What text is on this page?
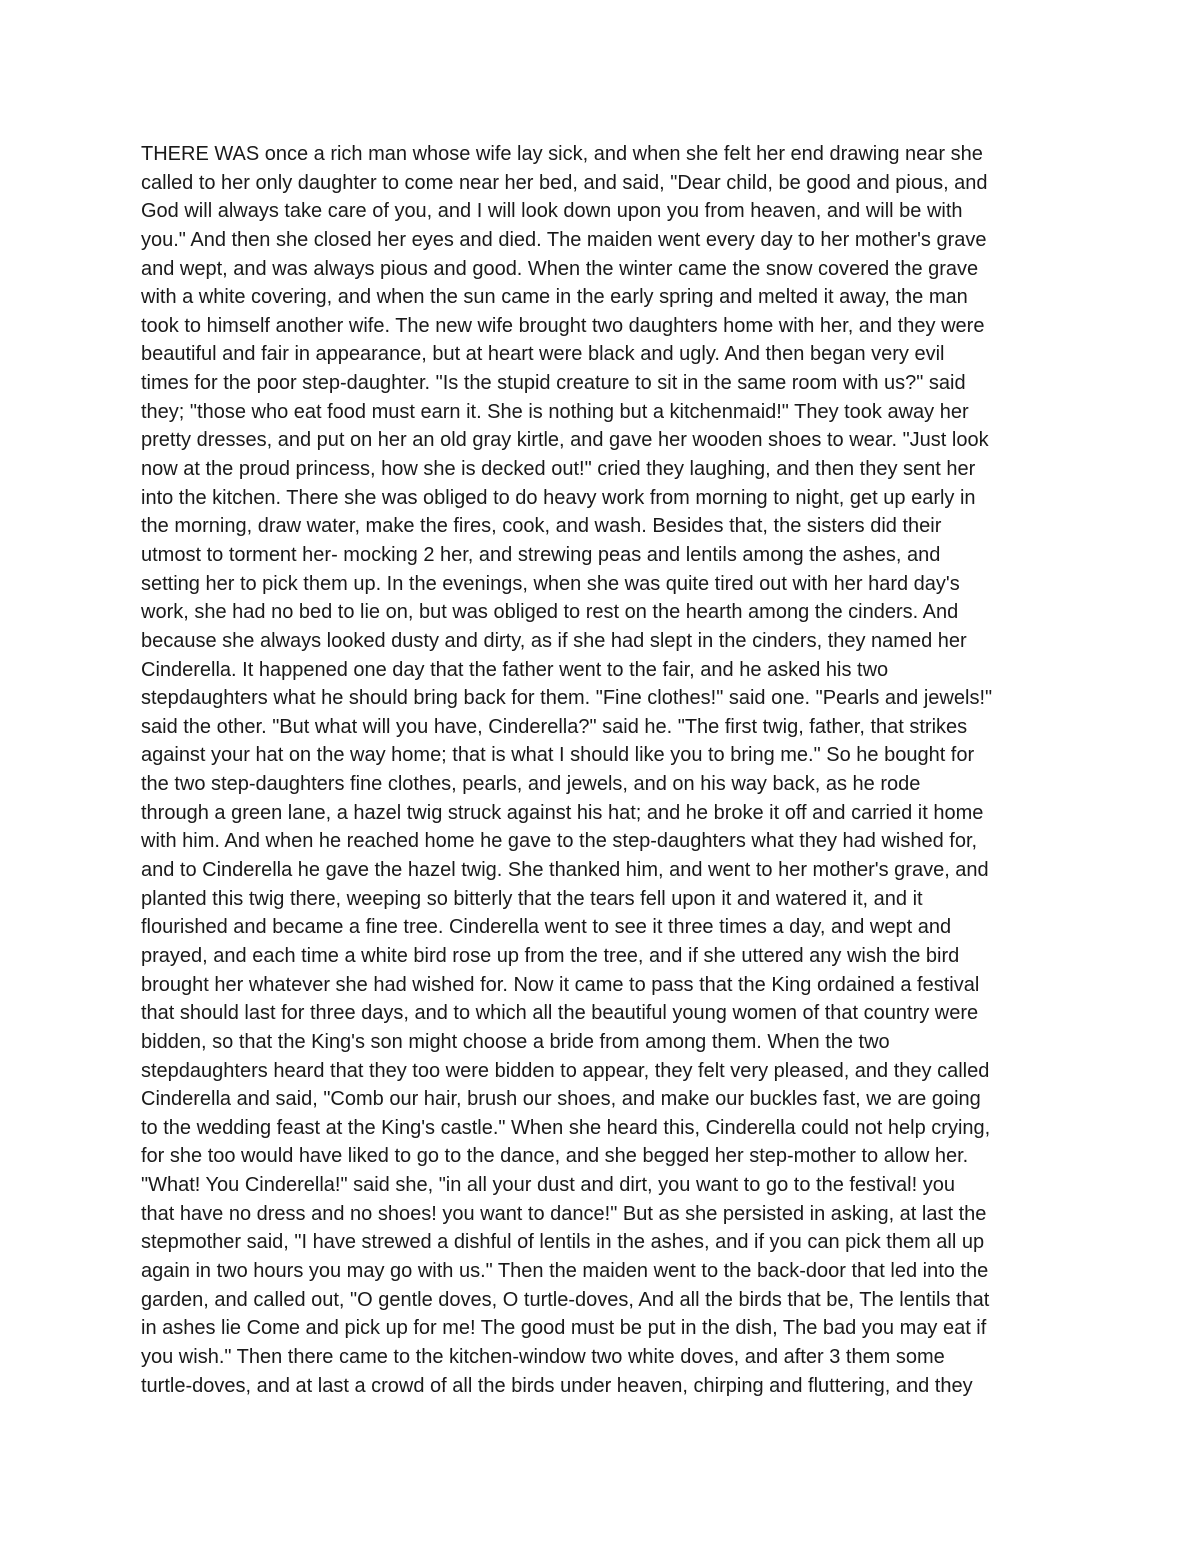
THERE WAS once a rich man whose wife lay sick, and when she felt her end drawing near she
called to her only daughter to come near her bed, and said, "Dear child, be good and pious, and
God will always take care of you, and I will look down upon you from heaven, and will be with
you." And then she closed her eyes and died. The maiden went every day to her mother's grave
and wept, and was always pious and good. When the winter came the snow covered the grave
with a white covering, and when the sun came in the early spring and melted it away, the man
took to himself another wife. The new wife brought two daughters home with her, and they were
beautiful and fair in appearance, but at heart were black and ugly. And then began very evil
times for the poor step-daughter. "Is the stupid creature to sit in the same room with us?" said
they; "those who eat food must earn it. She is nothing but a kitchenmaid!" They took away her
pretty dresses, and put on her an old gray kirtle, and gave her wooden shoes to wear. "Just look
now at the proud princess, how she is decked out!" cried they laughing, and then they sent her
into the kitchen. There she was obliged to do heavy work from morning to night, get up early in
the morning, draw water, make the fires, cook, and wash. Besides that, the sisters did their
utmost to torment her- mocking 2 her, and strewing peas and lentils among the ashes, and
setting her to pick them up. In the evenings, when she was quite tired out with her hard day's
work, she had no bed to lie on, but was obliged to rest on the hearth among the cinders. And
because she always looked dusty and dirty, as if she had slept in the cinders, they named her
Cinderella. It happened one day that the father went to the fair, and he asked his two
stepdaughters what he should bring back for them. "Fine clothes!" said one. "Pearls and jewels!"
said the other. "But what will you have, Cinderella?" said he. "The first twig, father, that strikes
against your hat on the way home; that is what I should like you to bring me." So he bought for
the two step-daughters fine clothes, pearls, and jewels, and on his way back, as he rode
through a green lane, a hazel twig struck against his hat; and he broke it off and carried it home
with him. And when he reached home he gave to the step-daughters what they had wished for,
and to Cinderella he gave the hazel twig. She thanked him, and went to her mother's grave, and
planted this twig there, weeping so bitterly that the tears fell upon it and watered it, and it
flourished and became a fine tree. Cinderella went to see it three times a day, and wept and
prayed, and each time a white bird rose up from the tree, and if she uttered any wish the bird
brought her whatever she had wished for. Now it came to pass that the King ordained a festival
that should last for three days, and to which all the beautiful young women of that country were
bidden, so that the King's son might choose a bride from among them. When the two
stepdaughters heard that they too were bidden to appear, they felt very pleased, and they called
Cinderella and said, "Comb our hair, brush our shoes, and make our buckles fast, we are going
to the wedding feast at the King's castle." When she heard this, Cinderella could not help crying,
for she too would have liked to go to the dance, and she begged her step-mother to allow her.
"What! You Cinderella!" said she, "in all your dust and dirt, you want to go to the festival! you
that have no dress and no shoes! you want to dance!" But as she persisted in asking, at last the
stepmother said, "I have strewed a dishful of lentils in the ashes, and if you can pick them all up
again in two hours you may go with us." Then the maiden went to the back-door that led into the
garden, and called out, "O gentle doves, O turtle-doves, And all the birds that be, The lentils that
in ashes lie Come and pick up for me! The good must be put in the dish, The bad you may eat if
you wish." Then there came to the kitchen-window two white doves, and after 3 them some
turtle-doves, and at last a crowd of all the birds under heaven, chirping and fluttering, and they
